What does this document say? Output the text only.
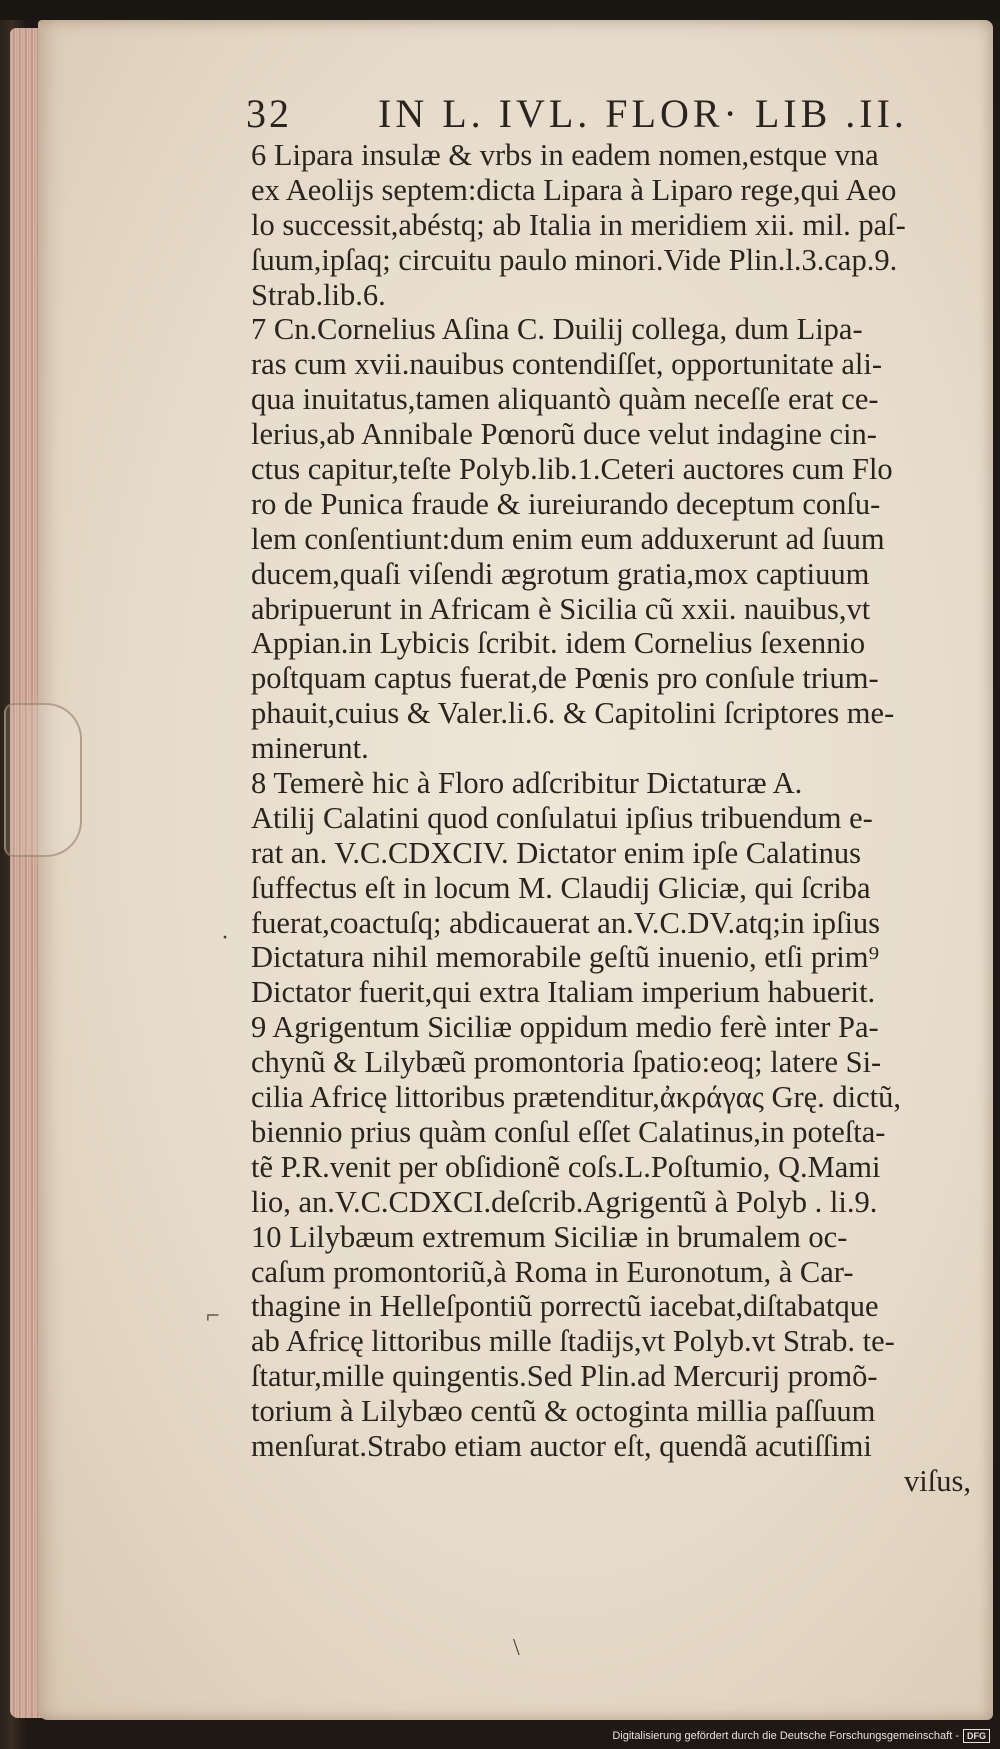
32 IN L. IVL. FLOR· LIB .II.
6 Lipara insulæ & vrbs in eadem nomen,estque vna
ex Aeolijs septem:dicta Lipara à Liparo rege,qui Aeo
lo successit,abéstq; ab Italia in meridiem xii. mil. paſ-
ſuum,ipſaq; circuitu paulo minori.Vide Plin.l.3.cap.9.
Strab.lib.6.
7 Cn.Cornelius Aſina C. Duilij collega, dum Lipa-
ras cum xvii.nauibus contendiſſet, opportunitate ali-
qua inuitatus,tamen aliquantò quàm neceſſe erat ce-
lerius,ab Annibale Pœnorũ duce velut indagine cin-
ctus capitur,teſte Polyb.lib.1.Ceteri auctores cum Flo
ro de Punica fraude & iureiurando deceptum conſu-
lem conſentiunt:dum enim eum adduxerunt ad ſuum
ducem,quaſi viſendi ægrotum gratia,mox captiuum
abripuerunt in Africam è Sicilia cũ xxii. nauibus,vt
Appian.in Lybicis ſcribit. idem Cornelius ſexennio
poſtquam captus fuerat,de Pœnis pro conſule trium-
phauit,cuius & Valer.li.6. & Capitolini ſcriptores me-
minerunt.
8 Temerè hic à Floro adſcribitur Dictaturæ A.
Atilij Calatini quod conſulatui ipſius tribuendum e-
rat an. V.C.CDXCIV. Dictator enim ipſe Calatinus
ſuffectus eſt in locum M. Claudij Gliciæ, qui ſcriba
fuerat,coactuſq; abdicauerat an.V.C.DV.atq;in ipſius
Dictatura nihil memorabile geſtũ inuenio, etſi prim⁹
Dictator fuerit,qui extra Italiam imperium habuerit.
9 Agrigentum Siciliæ oppidum medio ferè inter Pa-
chynũ & Lilybæũ promontoria ſpatio:eoq; latere Si-
cilia Africę littoribus prætenditur,ἀκράγας Grę. dictũ,
biennio prius quàm conſul eſſet Calatinus,in poteſta-
tẽ P.R.venit per obſidionẽ coſs.L.Poſtumio, Q.Mami
lio, an.V.C.CDXCI.deſcrib.Agrigentũ à Polyb . li.9.
10 Lilybæum extremum Siciliæ in brumalem oc-
caſum promontoriũ,à Roma in Euronotum, à Car-
thagine in Helleſpontiũ porrectũ iacebat,diſtabatque
ab Africę littoribus mille ſtadijs,vt Polyb.vt Strab. te-
ſtatur,mille quingentis.Sed Plin.ad Mercurij promõ-
torium à Lilybæo centũ & octoginta millia paſſuum
menſurat.Strabo etiam auctor eſt, quendã acutiſſimi
viſus,
·
⌐
\
Digitalisierung gefördert durch die Deutsche Forschungsgemeinschaft - DFG
